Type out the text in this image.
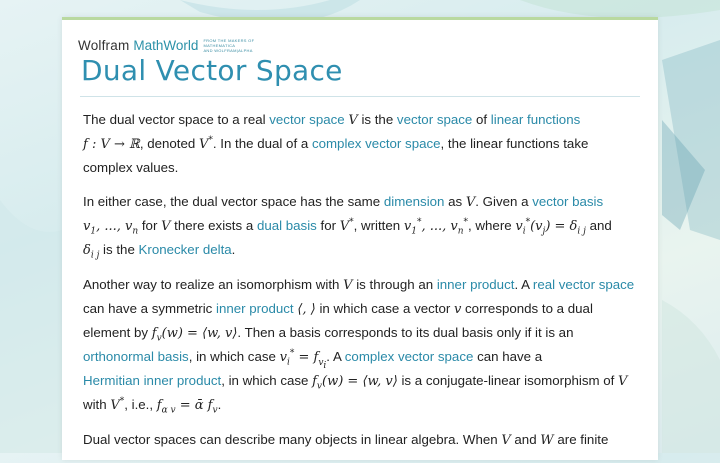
Wolfram MathWorld FROM THE MAKERS OF MATHEMATICA
AND WOLFRAM|ALPHA
Dual Vector Space

The dual vector space to a real vector space V is the vector space of linear functions
f : V → ℝ, denoted V*. In the dual of a complex vector space, the linear functions take complex values.

In either case, the dual vector space has the same dimension as V. Given a vector basis
$v_1$, ..., $v_n$ for V there exists a dual basis for V*, written $v_1^*$, ..., $v_n^*$, where $v_i^*(v_j) = \delta_{i j}$ and
$\delta_{i j}$ is the Kronecker delta.

Another way to realize an isomorphism with V is through an inner product. A real vector space
can have a symmetric inner product ⟨, ⟩ in which case a vector v corresponds to a dual element by $f_v(w)$ = ⟨w, v⟩. Then a basis corresponds to its dual basis only if it is an orthonormal basis, in which case $v_i^* = f_{v_i}$. A complex vector space can have a
Hermitian inner product, in which case $f_v(w)$ = ⟨w, v⟩ is a conjugate-linear isomorphism of V with V*, i.e., $f_{\alpha v}$ = ᾱ $f_v$.

Dual vector spaces can describe many objects in linear algebra. When V and W are finite
